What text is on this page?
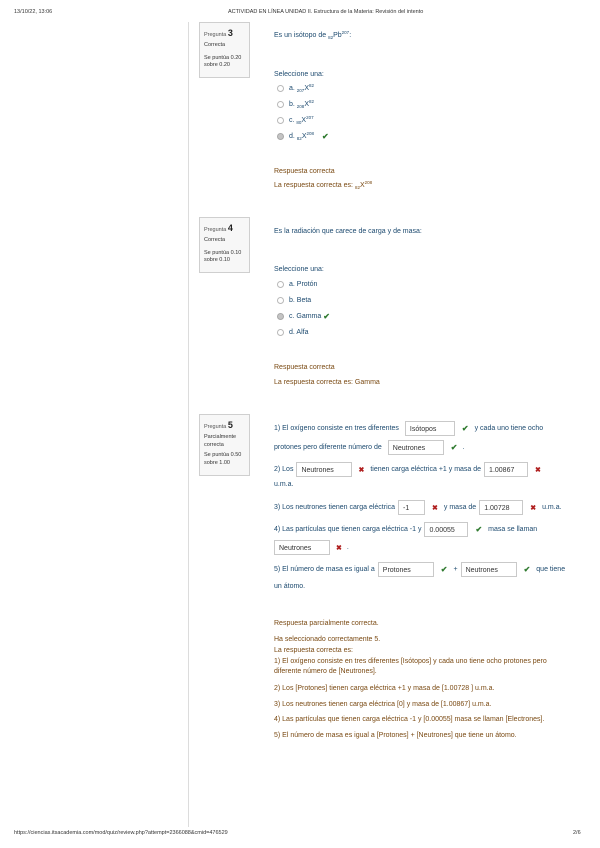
13/10/22, 13:06	ACTIVIDAD EN LÍNEA UNIDAD II. Estructura de la Materia: Revisión del intento
Pregunta 3
Correcta
Se puntúa 0.20
sobre 0.20
Es un isótopo de $_{82}Pb^{207}$:
Seleccione una:
a.
207 X 82
b.
208 X 82
c.
80 X 207
d.
82 X 208 ✔
Respuesta correcta
La respuesta correcta es: $_{82}X^{208}$
Pregunta 4
Correcta
Se puntúa 0.10
sobre 0.10
Es la radiación que carece de carga y de masa:
Seleccione una:
a. Protón
b. Beta
c. Gamma ✔
d. Alfa
Respuesta correcta
La respuesta correcta es: Gamma
Pregunta 5
Parcialmente
correcta
Se puntúa 0.50
sobre 1.00
1) El oxígeno consiste en tres diferentes	Isótopos	✔ y cada uno tiene ocho
protones pero diferente número de	Neutrones	✔ .
2) Los	Neutrones	✖ tienen carga eléctrica +1 y masa de	1.00867	✖
u.m.a.
3) Los neutrones tienen carga eléctrica	-1	✖ y masa de	1.00728	✖ u.m.a.
4) Las partículas que tienen carga eléctrica -1 y	0.00055	✔ masa se llaman
Neutrones	✖ .
5) El número de masa es igual a	Protones	✔ +	Neutrones	✔ que tiene
un átomo.
Respuesta parcialmente correcta.
Ha seleccionado correctamente 5.
La respuesta correcta es:
1) El oxígeno consiste en tres diferentes [Isótopos] y cada uno tiene ocho protones pero diferente número de [Neutrones].
2) Los [Protones] tienen carga eléctrica +1 y masa de [1.00728 ] u.m.a.
3) Los neutrones tienen carga eléctrica [0] y masa de [1.00867] u.m.a.
4) Las partículas que tienen carga eléctrica -1 y [0.00055] masa se llaman [Electrones].
5) El número de masa es igual a [Protones] + [Neutrones] que tiene un átomo.
https://ciencias.itsacademia.com/mod/quiz/review.php?attempt=2366088&cmid=476529	2/6
